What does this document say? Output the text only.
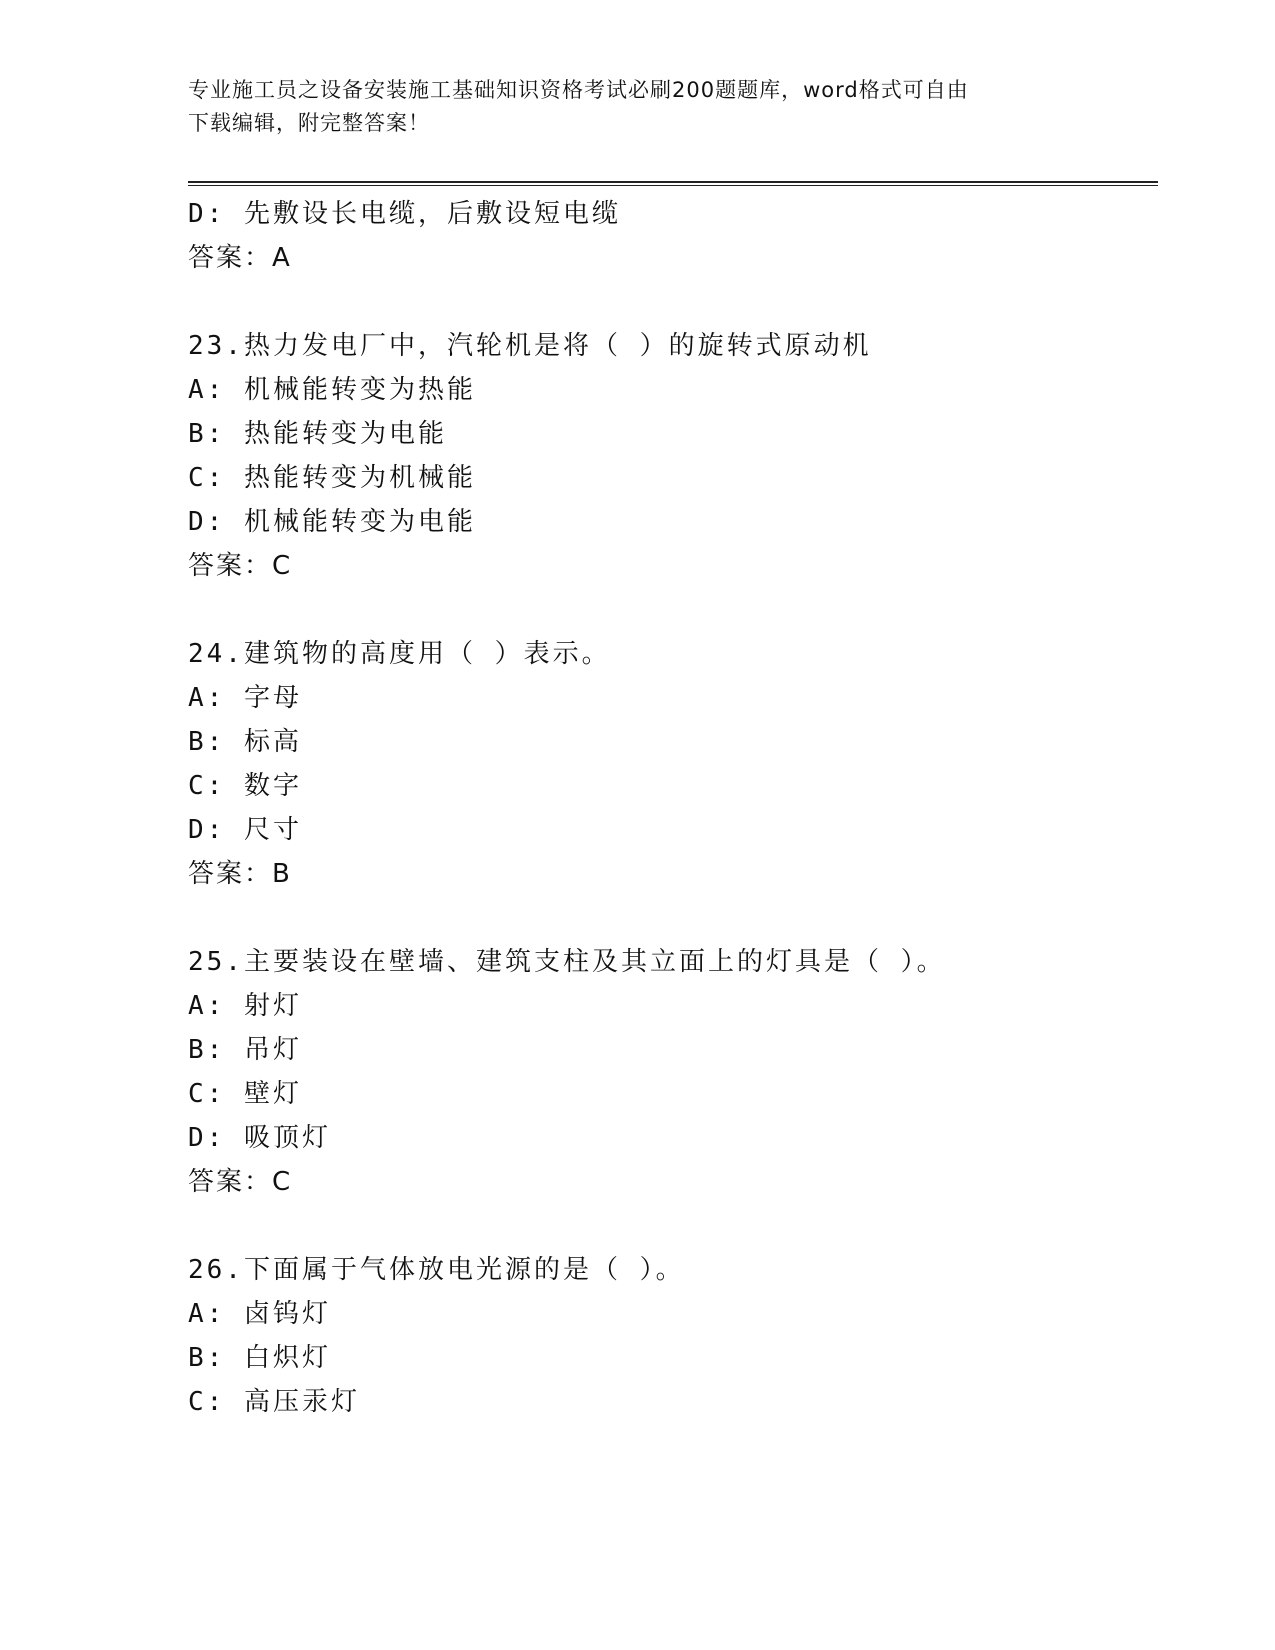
专业施工员之设备安装施工基础知识资格考试必刷200题题库，word格式可自由
下载编辑，附完整答案！
D: 先敷设长电缆，后敷设短电缆
答案：A
23.热力发电厂中，汽轮机是将（ ）的旋转式原动机
A: 机械能转变为热能
B: 热能转变为电能
C: 热能转变为机械能
D: 机械能转变为电能
答案：C
24.建筑物的高度用（ ）表示。
A: 字母
B: 标高
C: 数字
D: 尺寸
答案：B
25.主要装设在壁墙、建筑支柱及其立面上的灯具是（ ）。
A: 射灯
B: 吊灯
C: 壁灯
D: 吸顶灯
答案：C
26.下面属于气体放电光源的是（ ）。
A: 卤钨灯
B: 白炽灯
C: 高压汞灯
